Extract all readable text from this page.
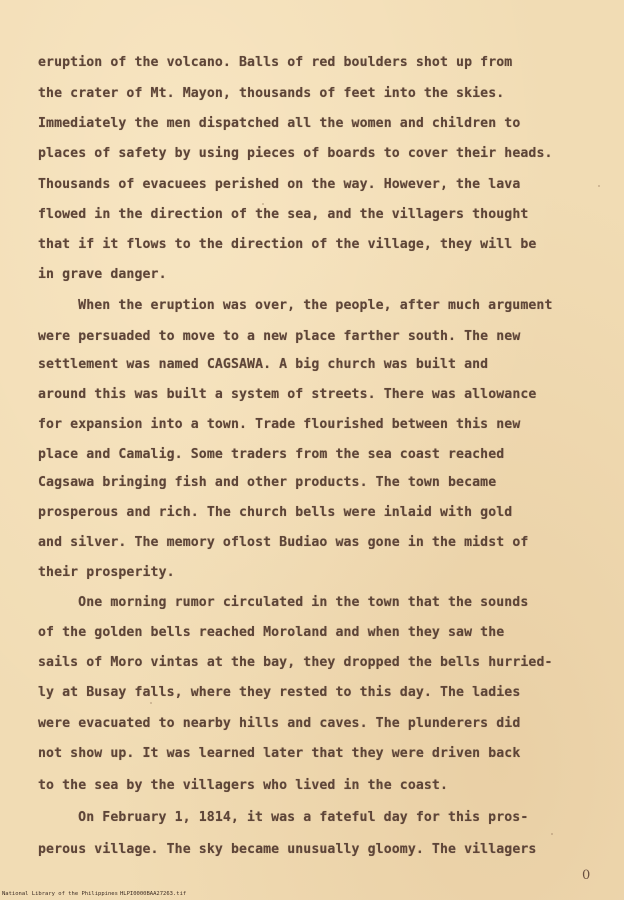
eruption of the volcano. Balls of red boulders shot up from
the crater of Mt. Mayon, thousands of feet into the skies.
Immediately the men dispatched all the women and children to
places of safety by using pieces of boards to cover their heads.
Thousands of evacuees perished on the way. However, the lava
flowed in the direction of the sea, and the villagers thought
that if it flows to the direction of the village, they will be
in grave danger.
When the eruption was over, the people, after much argument
were persuaded to move to a new place farther south. The new
settlement was named CAGSAWA. A big church was built and
around this was built a system of streets. There was allowance
for expansion into a town. Trade flourished between this new
place and Camalig. Some traders from the sea coast reached
Cagsawa bringing fish and other products. The town became
prosperous and rich. The church bells were inlaid with gold
and silver. The memory oflost Budiao was gone in the midst of
their prosperity.
One morning rumor circulated in the town that the sounds
of the golden bells reached Moroland and when they saw the
sails of Moro vintas at the bay, they dropped the bells hurried-
ly at Busay falls, where they rested to this day. The ladies
were evacuated to nearby hills and caves. The plunderers did
not show up. It was learned later that they were driven back
to the sea by the villagers who lived in the coast.
On February 1, 1814, it was a fateful day for this pros-
perous village. The sky became unusually gloomy. The villagers
0
National Library of the Philippines HLPI0000BAA27263.tif
